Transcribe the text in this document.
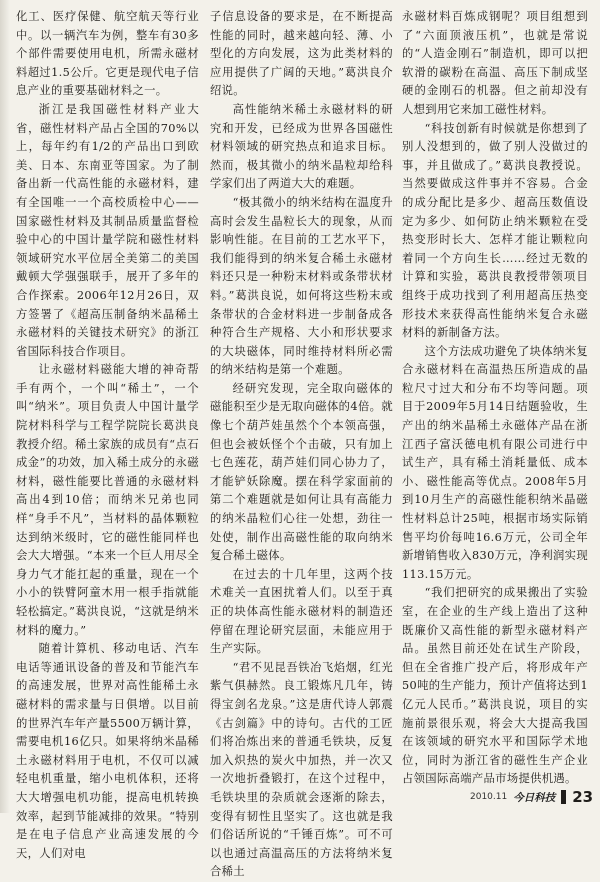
化工、医疗保健、航空航天等行业中。以一辆汽车为例，整车有30多个部件需要使用电机，所需永磁材料超过1.5公斤。它更是现代电子信息产业的重要基础材料之一。

浙江是我国磁性材料产业大省，磁性材料产品占全国的70%以上，每年约有1/2的产品出口到欧美、日本、东南亚等国家。为了制备出新一代高性能的永磁材料，建有全国唯一一个高校质检中心——国家磁性材料及其制品质量监督检验中心的中国计量学院和磁性材料领域研究水平位居全美第二的美国戴顿大学强强联手，展开了多年的合作探索。2006年12月26日，双方签署了《超高压制备纳米晶稀土永磁材料的关键技术研究》的浙江省国际科技合作项目。

让永磁材料磁能大增的神奇帮手有两个，一个叫“稀土”，一个叫“纳米”。项目负责人中国计量学院材料科学与工程学院院长葛洪良教授介绍。稀土家族的成员有“点石成金”的功效，加入稀土成分的永磁材料，磁性能要比普通的永磁材料高出4到10倍；而纳米兄弟也同样“身手不凡”，当材料的晶体颗粒达到纳米级时，它的磁性能同样也会大大增强。“本来一个巨人用尽全身力气才能扛起的重量，现在一个小小的铁臂阿童木用一根手指就能轻松搞定。”葛洪良说，“这就是纳米材料的魔力。”

随着计算机、移动电话、汽车电话等通讯设备的普及和节能汽车的高速发展，世界对高性能稀土永磁材料的需求量与日俱增。以目前的世界汽车年产量5500万辆计算，需要电机16亿只。如果将纳米晶稀土永磁材料用于电机，不仅可以减轻电机重量，缩小电机体积，还将大大增强电机功能，提高电机转换效率，起到节能减排的效果。“特别是在电子信息产业高速发展的今天，人们对电

子信息设备的要求是，在不断提高性能的同时，越来越向轻、薄、小型化的方向发展，这为此类材料的应用提供了广阔的天地。”葛洪良介绍说。

高性能纳米稀土永磁材料的研究和开发，已经成为世界各国磁性材料领域的研究热点和追求目标。然而，极其微小的纳米晶粒却给科学家们出了两道大大的难题。

“极其微小的纳米结构在温度升高时会发生晶粒长大的现象，从而影响性能。在目前的工艺水平下，我们能得到的纳米复合稀土永磁材料还只是一种粉末材料或条带状材料。”葛洪良说，如何将这些粉末或条带状的合金材料进一步制备成各种符合生产规格、大小和形状要求的大块磁体，同时维持材料所必需的纳米结构是第一个难题。

经研究发现，完全取向磁体的磁能积至少是无取向磁体的4倍。就像七个葫芦娃虽然个个本领高强，但也会被妖怪个个击破，只有加上七色莲花，葫芦娃们同心协力了，才能铲妖除魔。摆在科学家面前的第二个难题就是如何让具有高能力的纳米晶粒们心往一处想，劲往一处使，制作出高磁性能的取向纳米复合稀土磁体。

在过去的十几年里，这两个技术难关一直困扰着人们。以至于真正的块体高性能永磁材料的制造还停留在理论研究层面，未能应用于生产实际。

“君不见昆吾铁冶飞焰烟，红光紫气俱赫然。良工锻炼凡几年，铸得宝剑名龙泉。”这是唐代诗人郭震《古剑篇》中的诗句。古代的工匠们将冶炼出来的普通毛铁块，反复加入炽热的炭火中加热，并一次又一次地折叠锻打，在这个过程中，毛铁块里的杂质就会逐渐的除去，变得有韧性且坚实了。这也就是我们俗话所说的“千锤百炼”。可不可以也通过高温高压的方法将纳米复合稀土

永磁材料百炼成钢呢？项目组想到了“六面顶液压机”，也就是常说的“人造金刚石”制造机，即可以把软滑的碳粉在高温、高压下制成坚硬的金刚石的机器。但之前却没有人想到用它来加工磁性材料。

“科技创新有时候就是你想到了别人没想到的，做了别人没做过的事，并且做成了。”葛洪良教授说。当然要做成这件事并不容易。合金的成分配比是多少、超高压数值设定为多少、如何防止纳米颗粒在受热变形时长大、怎样才能让颗粒向着同一个方向生长……经过无数的计算和实验，葛洪良教授带领项目组终于成功找到了利用超高压热变形技术来获得高性能纳米复合永磁材料的新制备方法。

这个方法成功避免了块体纳米复合永磁材料在高温热压所造成的晶粒尺寸过大和分布不均等问题。项目于2009年5月14日结题验收，生产出的纳米晶稀土永磁体产品在浙江西子富沃德电机有限公司进行中试生产，具有稀土消耗量低、成本小、磁性能高等优点。2008年5月到10月生产的高磁性能积纳米晶磁性材料总计25吨，根据市场实际销售平均价每吨16.6万元，公司全年新增销售收入830万元，净利润实现113.15万元。

“我们把研究的成果搬出了实验室，在企业的生产线上造出了这种既廉价又高性能的新型永磁材料产品。虽然目前还处在试生产阶段，但在全省推广投产后，将形成年产50吨的生产能力，预计产值将达到1亿元人民币。”葛洪良说，项目的实施前景很乐观，将会大大提高我国在该领域的研究水平和国际学术地位，同时为浙江省的磁性生产企业占领国际高端产品市场提供机遇。

2010.11 今日科技 23
